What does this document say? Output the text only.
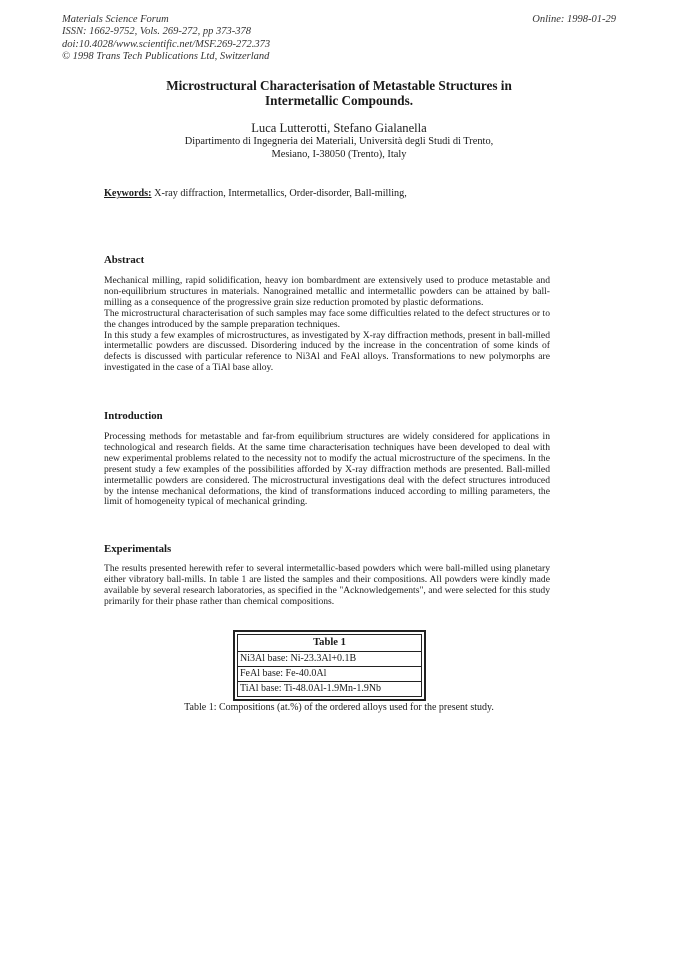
Materials Science Forum
ISSN: 1662-9752, Vols. 269-272, pp 373-378
doi:10.4028/www.scientific.net/MSF.269-272.373
© 1998 Trans Tech Publications Ltd, Switzerland
Online: 1998-01-29
Microstructural Characterisation of Metastable Structures in
Intermetallic Compounds.
Luca Lutterotti, Stefano Gialanella
Dipartimento di Ingegneria dei Materiali, Università degli Studi di Trento,
Mesiano, I-38050 (Trento), Italy
Keywords: X-ray diffraction, Intermetallics, Order-disorder, Ball-milling,
Abstract

Mechanical milling, rapid solidification, heavy ion bombardment are extensively used to produce metastable and non-equilibrium structures in materials. Nanograined metallic and intermetallic powders can be attained by ball-milling as a consequence of the progressive grain size reduction promoted by plastic deformations.

The microstructural characterisation of such samples may face some difficulties related to the defect structures or to the changes introduced by the sample preparation techniques.

In this study a few examples of microstructures, as investigated by X-ray diffraction methods, present in ball-milled intermetallic powders are discussed. Disordering induced by the increase in the concentration of some kinds of defects is discussed with particular reference to Ni3Al and FeAl alloys. Transformations to new polymorphs are investigated in the case of a TiAl base alloy.

Introduction

Processing methods for metastable and far-from equilibrium structures are widely considered for applications in technological and research fields. At the same time characterisation techniques have been developed to deal with new experimental problems related to the necessity not to modify the actual microstructure of the specimens. In the present study a few examples of the possibilities afforded by X-ray diffraction methods are presented. Ball-milled intermetallic powders are considered. The microstructural investigations deal with the defect structures introduced by the intense mechanical deformations, the kind of transformations induced according to milling parameters, the limit of homogeneity typical of mechanical grinding.

Experimentals

The results presented herewith refer to several intermetallic-based powders which were ball-milled using planetary either vibratory ball-mills. In table 1 are listed the samples and their compositions. All powders were kindly made available by several research laboratories, as specified in the "Acknowledgements", and were selected for this study primarily for their phase rather than chemical compositions.

Table 1
Ni3Al base: Ni-23.3Al+0.1B
FeAl base: Fe-40.0Al
TiAl base: Ti-48.0Al-1.9Mn-1.9Nb
Table 1: Compositions (at.%) of the ordered alloys used for the present study.
